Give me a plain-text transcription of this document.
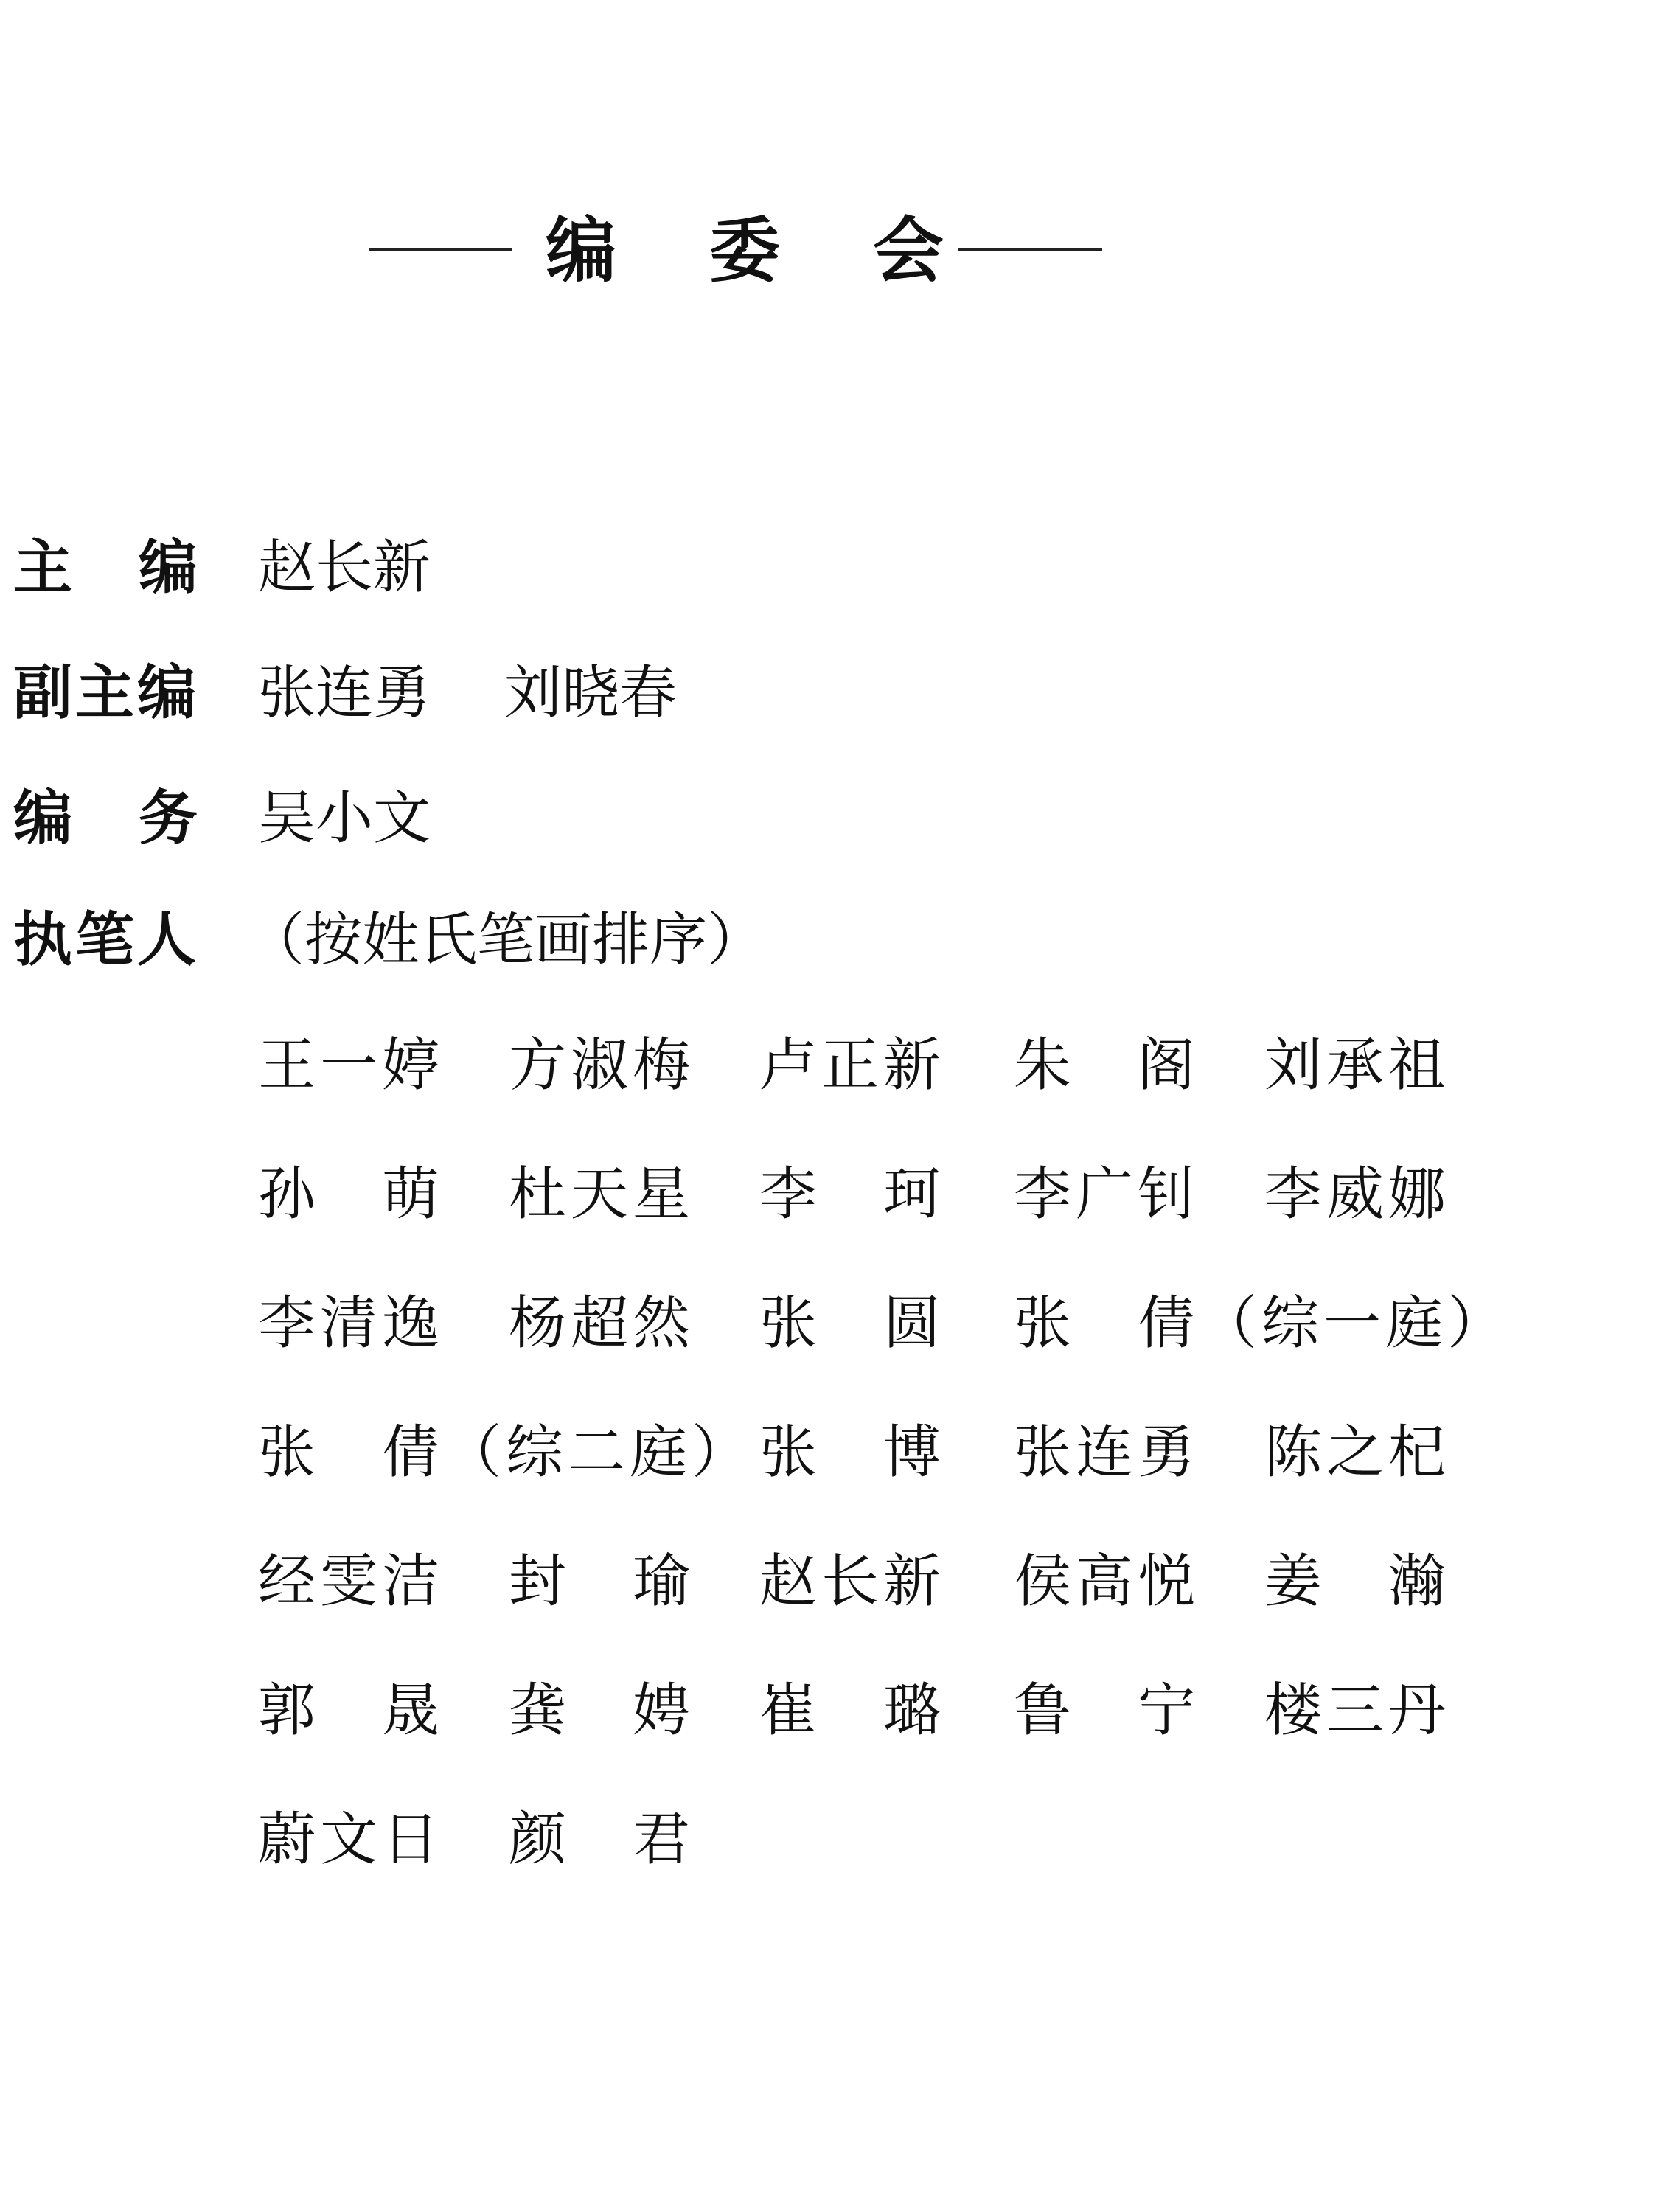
编 委 会
主 编 赵长新
副 主 编 张连勇 刘晓春
编 务 吴小文
执 笔 人 （按姓氏笔画排序）
王一婷 方淑梅 卢正新 朱　阁 刘承祖
孙　萌 杜天星 李　珂 李广钊 李威娜
李清逸 杨超然 张　圆 张　倩（综一庭）
张　倩（综二庭） 张　博 张连勇 陈之杞
经雯洁 封　瑜 赵长新 侯高悦 姜　瀚
郭　晟 龚　娉 崔　璐 鲁　宁 楼三丹
蔚文日 颜　君
